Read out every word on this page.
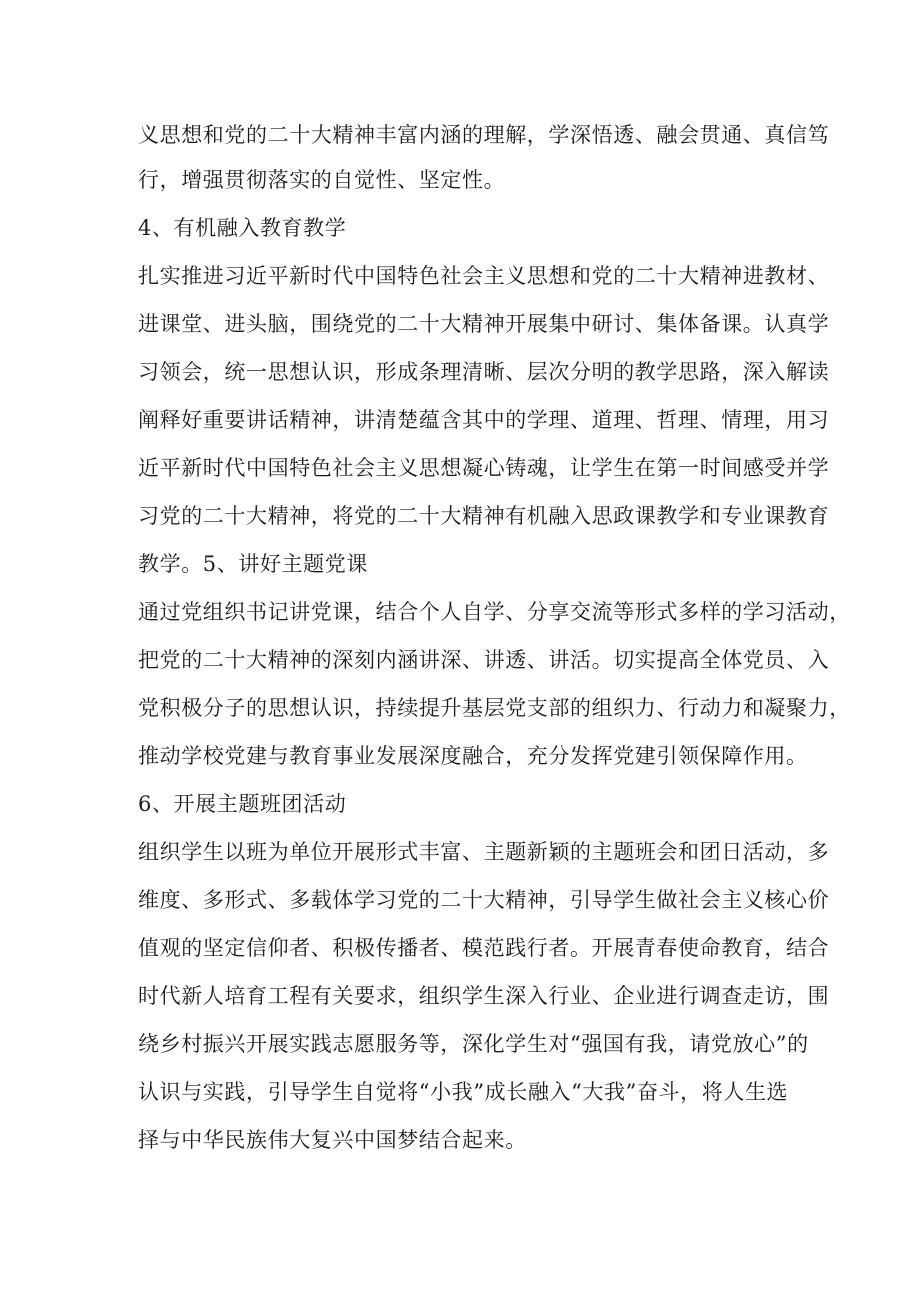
义思想和党的二十大精神丰富内涵的理解，学深悟透、融会贯通、真信笃
行，增强贯彻落实的自觉性、坚定性。
4、有机融入教育教学
扎实推进习近平新时代中国特色社会主义思想和党的二十大精神进教材、
进课堂、进头脑，围绕党的二十大精神开展集中研讨、集体备课。认真学
习领会，统一思想认识，形成条理清晰、层次分明的教学思路，深入解读
阐释好重要讲话精神，讲清楚蕴含其中的学理、道理、哲理、情理，用习
近平新时代中国特色社会主义思想凝心铸魂，让学生在第一时间感受并学
习党的二十大精神，将党的二十大精神有机融入思政课教学和专业课教育
教学。5、讲好主题党课
通过党组织书记讲党课，结合个人自学、分享交流等形式多样的学习活动，
把党的二十大精神的深刻内涵讲深、讲透、讲活。切实提高全体党员、入
党积极分子的思想认识，持续提升基层党支部的组织力、行动力和凝聚力，
推动学校党建与教育事业发展深度融合，充分发挥党建引领保障作用。
6、开展主题班团活动
组织学生以班为单位开展形式丰富、主题新颖的主题班会和团日活动，多
维度、多形式、多载体学习党的二十大精神，引导学生做社会主义核心价
值观的坚定信仰者、积极传播者、模范践行者。开展青春使命教育，结合
时代新人培育工程有关要求，组织学生深入行业、企业进行调查走访，围
绕乡村振兴开展实践志愿服务等，深化学生对“强国有我，请党放心”的
认识与实践，引导学生自觉将“小我”成长融入“大我”奋斗，将人生选
择与中华民族伟大复兴中国梦结合起来。
